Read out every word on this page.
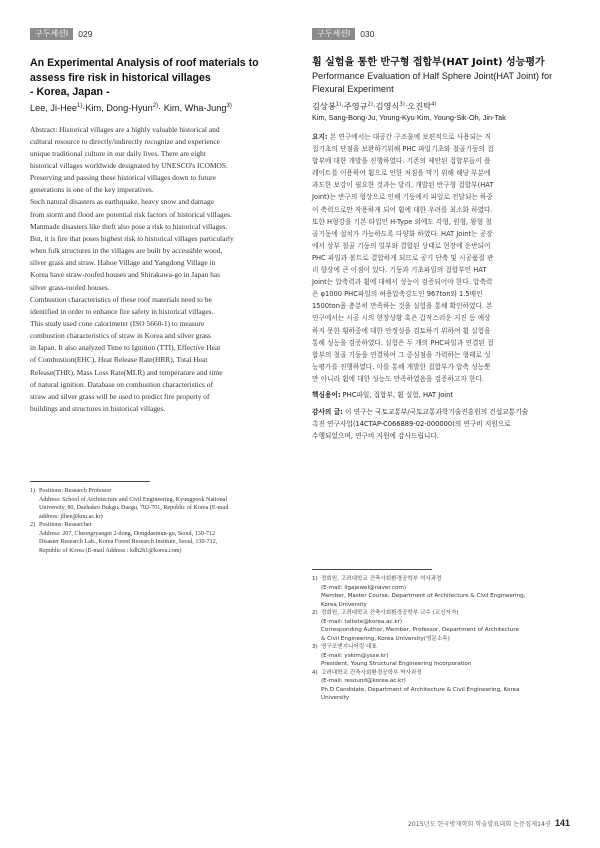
구두세션Ⅰ	029
An Experimental Analysis of roof materials to
assess fire risk in historical villages
- Korea, Japan -
Lee, Ji-Hee$^{1)}$·Kim, Dong-Hyun$^{2)}$· Kim, Wha-Jung$^{3)}$

Abstract: Historical villages are a highly valuable historical and

cultural resource to directly/indirectly recognize and experience

unique traditional culture in our daily lives. There are eight

historical villages worldwide designated by UNESCO's ICOMOS.

Preserving and passing these historical villages down to future

generations is one of the key imperatives.

Such natural disasters as earthquake, heavy snow and damage

from storm and flood are potential risk factors of historical villages.

Manmade disasters like theft also pose a risk to historical villages.

But, it is fire that poses highest risk to historical villages particularly

when folk structures in the villages are built by accessible wood,

silver grass and straw. Hahoe Village and Yangdong Village in

Korea have straw-roofed houses and Shirakawa-go in Japan has

silver grass-roofed houses.

Combustion characteristics of these roof materials need to be

identified in order to enhance fire safety in historical villages.

This study used cone calorimeter (ISO 5660-1) to measure

combustion characteristics of straw in Korea and silver grass

in Japan. It also analyzed Time to Ignition (TTI), Effective Heat

of Combustion(EHC), Heat Release Rate(HRR), Total Heat

Release(THR), Mass Loss Rate(MLR) and temperature and time

of natural ignition. Database on combustion characteristics of

straw and silver grass will be used to predict fire property of

buildings and structures in historical villages.

1) Positions: Research Professor
Address: School of Architecture and Civil Engineering, Kyungpook National
University, 80, Daehakro Bukgu, Daegu, 702-701, Republic of Korea (E-mail
address: jlhee@knu.ac.kr)
2) Positions: Researcher
Address: 207, Cheongryangni 2-dong, Dongdaemun-gu, Seoul, 130-712
Disaster Research Lab., Korea Forest Research Institute, Seoul, 130-712,
Republic of Korea (E-mail Address : kdh2h1@korea.com)
구두세션Ⅰ	030
휨 실험을 통한 반구형 접합부(HAT Joint) 성능평가
Performance Evaluation of Half Sphere Joint(HAT Joint) for
Flexural Experiment
김상봉$^{1)}$·주영규$^{2)}$·김영식$^{3)}$·오진탁$^{4)}$
Kim, Sang-Bong·Ju, Young-Kyu·Kim, Young-Sik·Oh, Jin-Tak
요지: 본 연구에서는 대공간 구조물에 보편적으로 사용되는 직
접기초의 단점을 보완하기위해 PHC 파일기초와 철골기둥의 접
합부에 대한 개발을 진행하였다. 기존의 제안된 접합부들이 플
레이트를 이용하여 휨으로 인한 처짐을 막기 위해 해당 부분에
과도한 보강이 필요한 것과는 달리, 개발된 반구형 접합부(HAT
Joint)는 반구의 형상으로 인해 기둥에서 파일로 전달되는 하중
이 축력으로만 작용하게 되어 휨에 대한 우려를 최소화 하였다.
또한 H형강을 기본 타입인 H-Type 외에도 각형, 원형, 왕형 철
골기둥에 설치가 가능하도록 다양화 하였다. HAT Joint는 공장
에서 상부 철골 기둥의 일부와 결합된 상태로 현장에 운반되어
PHC 파일과 볼트로 결합하게 되므로 공기 단축 및 시공품질 관
리 향상에 큰 이점이 있다. 기둥과 기초파일의 접합부인 HAT
Joint는 압축력과 휨에 대해서 성능이 검증되어야 한다. 압축력
은 φ1000 PHC파일의 허용압축강도인 967ton와 1.5배인
1500ton을 충분히 만족하는 것을 실험을 통해 확인하였다. 본
연구에서는 시공 시의 현장상황 혹은 갑작스러운 지진 등 예상
하지 못한 횡하중에 대한 안정성을 검토하기 위하여 휨 실험을
통해 성능을 검증하였다. 실험은 두 개의 PHC파일과 연결된 접
합부의 철골 기둥을 연결하여 그 중심점을 가력하는 형태로 성
능평가를 진행하였다. 이를 통해 개발한 접합부가 압축 성능뿐
만 아니라 휨에 대한 성능도 만족하였음을 검증하고자 한다.
핵심용어: PHC파일, 접합부, 휨 실험, HAT Joint
감사의 글: 이 연구는 국토교통부/국토교통과학기술진흥원의 건설교통기술
촉진 연구사업(14CTAP-C066889-02-000000)의 연구비 지원으로
수행되었으며, 연구비 지원에 감사드립니다.
1) 정회원, 고려대학교 건축사회환경공학부 석사과정
(E-mail: ligajewel@naver.com)
Member, Master Course, Department of Architecture & Civil Engineering,
Korea University
2) 정회원, 고려대학교 건축사회환경공학부 교수 (교신저자)
(E-mail: tallsite@korea.ac.kr)
Corresponding Author, Member, Professor, Department of Architecture
& Civil Engineering, Korea University(영문소속)
3) 영구조엔지니어링 대표
(E-mail: yskim@ysse.kr)
President, Young Structural Engineering Incorporation
4) 고려대학교 건축사회환경공학부 박사과정
(E-mail: resound@korea.ac.kr)
Ph.D Candidate, Department of Architecture & Civil Engineering, Korea
University
2015년도 한국방재학회 학술발표대회 논문집 제14권 141
